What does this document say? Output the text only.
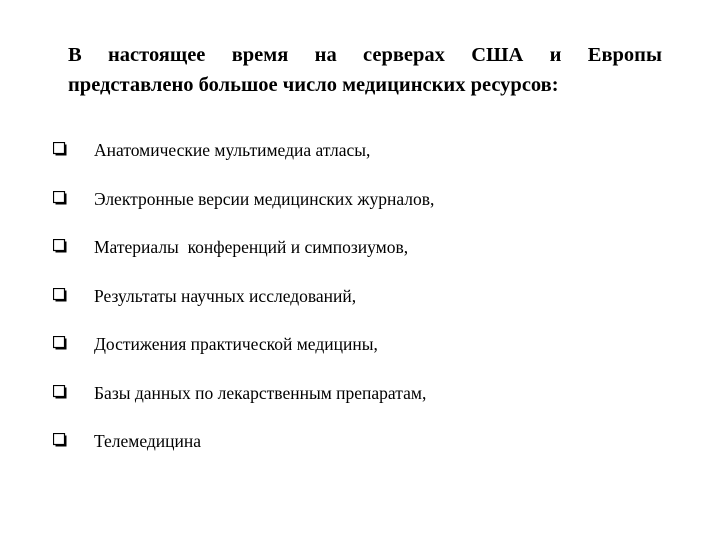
В настоящее время на серверах США и Европы
представлено большое число медицинских ресурсов:

Анатомические мультимедиа атласы,
Электронные версии медицинских журналов,
Материалы  конференций и симпозиумов,
Результаты научных исследований,
Достижения практической медицины,
Базы данных по лекарственным препаратам,
Телемедицина
